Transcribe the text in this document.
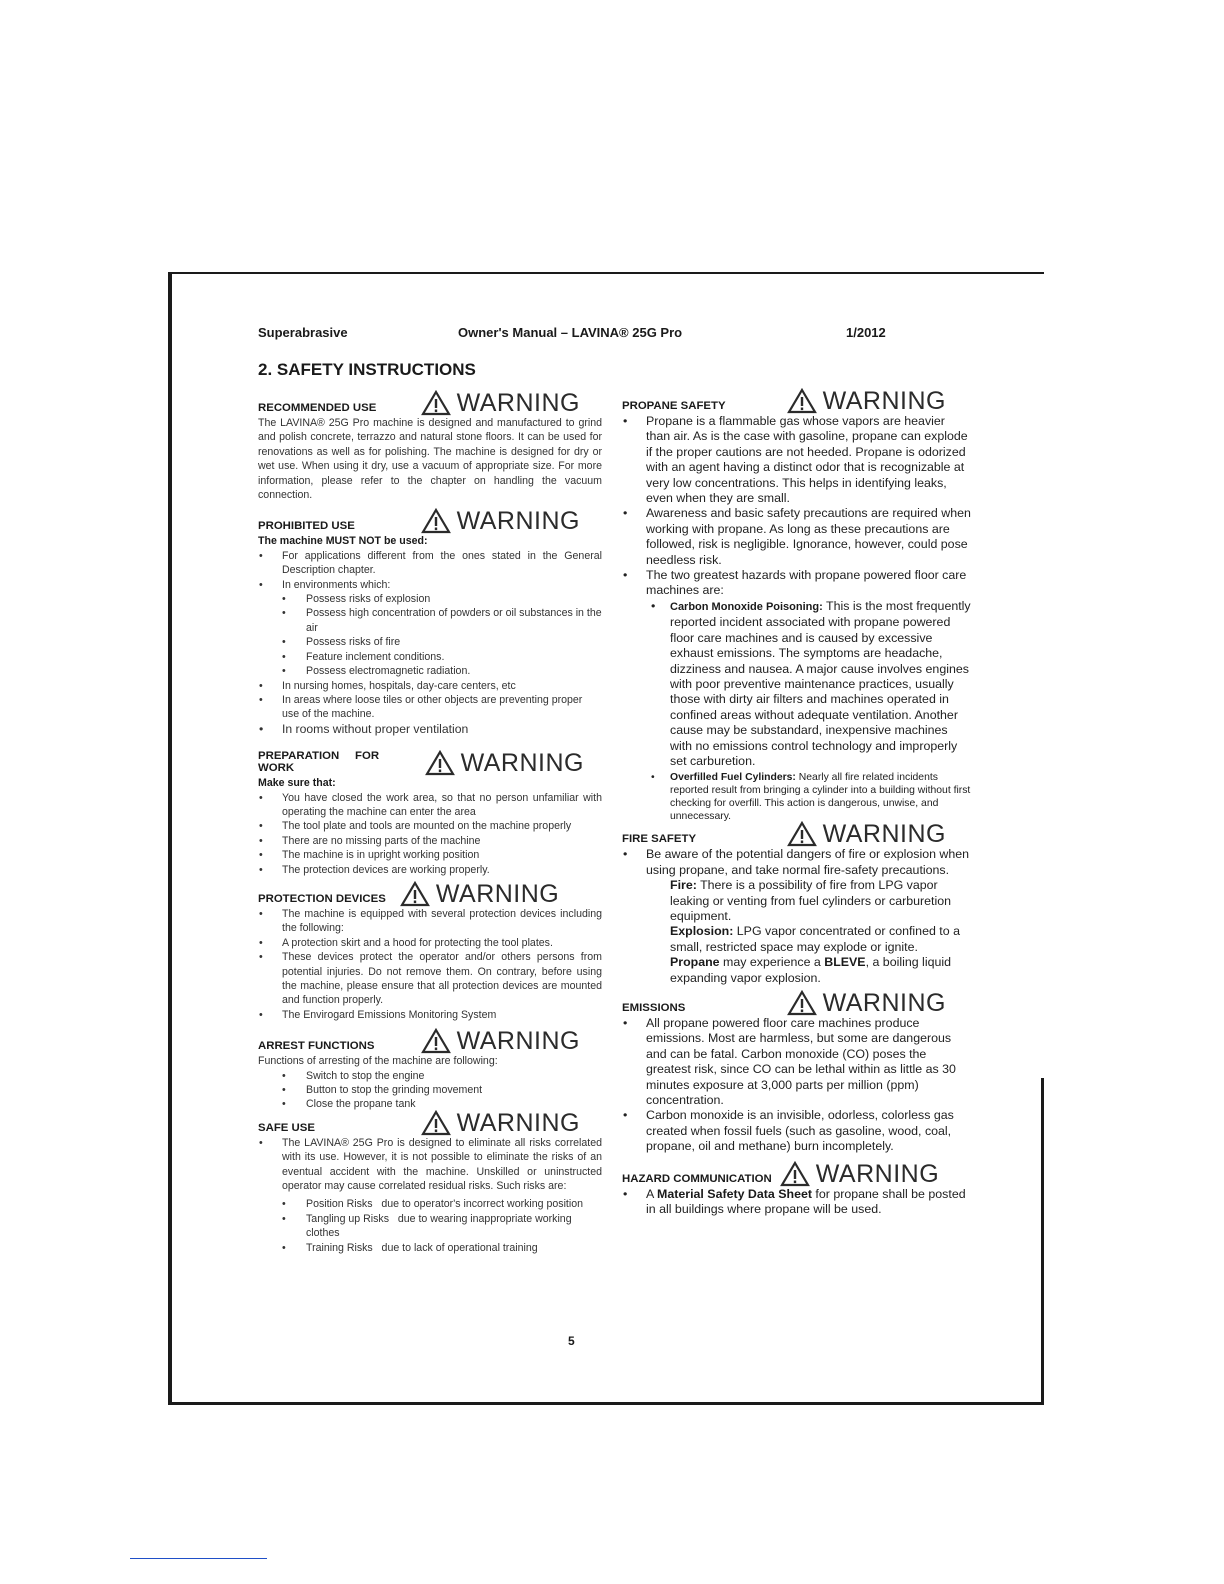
Superabrasive	Owner's Manual – LAVINA® 25G Pro	1/2012
2. SAFETY INSTRUCTIONS
RECOMMENDED USE	WARNING

The LAVINA® 25G Pro machine is designed and manufactured to grind and polish concrete, terrazzo and natural stone floors. It can be used for renovations as well as for polishing. The machine is designed for dry or wet use. When using it dry, use a vacuum of appropriate size. For more information, please refer to the chapter on handling the vacuum connection.

PROHIBITED USE	WARNING

The machine MUST NOT be used:

• For applications different from the ones stated in the General Description chapter.
• In environments which:
• Possess risks of explosion
• Possess high concentration of powders or oil substances in the air
• Possess risks of fire
• Feature inclement conditions.
• Possess electromagnetic radiation.
• In nursing homes, hospitals, day-care centers, etc
• In areas where loose tiles or other objects are preventing proper use of the machine.
• In rooms without proper ventilation
PREPARATION     FOR
WORK	WARNING

Make sure that:

• You have closed the work area, so that no person unfamiliar with operating the machine can enter the area
• The tool plate and tools are mounted on the machine properly
• There are no missing parts of the machine
• The machine is in upright working position
• The protection devices are working properly.
PROTECTION DEVICES WARNING
• The machine is equipped with several protection devices including the following:
• A protection skirt and a hood for protecting the tool plates.
• These devices protect the operator and/or others persons from potential injuries. Do not remove them. On contrary, before using the machine, please ensure that all protection devices are mounted and function properly.
• The Envirogard Emissions Monitoring System
ARREST FUNCTIONS	WARNING

Functions of arresting of the machine are following:

• Switch to stop the engine
• Button to stop the grinding movement
• Close the propane tank
SAFE USE	WARNING
• The LAVINA® 25G Pro is designed to eliminate all risks correlated with its use. However, it is not possible to eliminate the risks of an eventual accident with the machine. Unskilled or uninstructed operator may cause correlated residual risks. Such risks are:
• Position Risks   due to operator's incorrect working position
• Tangling up Risks   due to wearing inappropriate working clothes
• Training Risks   due to lack of operational training
PROPANE SAFETY	WARNING
• Propane is a flammable gas whose vapors are heavier than air. As is the case with gasoline, propane can explode if the proper cautions are not heeded. Propane is odorized with an agent having a distinct odor that is recognizable at very low concentrations. This helps in identifying leaks, even when they are small.
• Awareness and basic safety precautions are required when working with propane. As long as these precautions are followed, risk is negligible. Ignorance, however, could pose needless risk.
• The two greatest hazards with propane powered floor care machines are:
• Carbon Monoxide Poisoning: This is the most frequently reported incident associated with propane powered floor care machines and is caused by excessive exhaust emissions. The symptoms are headache, dizziness and nausea. A major cause involves engines with poor preventive maintenance practices, usually those with dirty air filters and machines operated in confined areas without adequate ventilation. Another cause may be substandard, inexpensive machines with no emissions control technology and improperly set carburetion.
• Overfilled Fuel Cylinders: Nearly all fire related incidents reported result from bringing a cylinder into a building without first checking for overfill. This action is dangerous, unwise, and unnecessary.
FIRE SAFETY	WARNING
• Be aware of the potential dangers of fire or explosion when using propane, and take normal fire-safety precautions.

Fire: There is a possibility of fire from LPG vapor leaking or venting from fuel cylinders or carburetion equipment.

Explosion: LPG vapor concentrated or confined to a small, restricted space may explode or ignite.

Propane may experience a BLEVE, a boiling liquid expanding vapor explosion.

EMISSIONS	WARNING
• All propane powered floor care machines produce emissions. Most are harmless, but some are dangerous and can be fatal. Carbon monoxide (CO) poses the greatest risk, since CO can be lethal within as little as 30 minutes exposure at 3,000 parts per million (ppm) concentration.
• Carbon monoxide is an invisible, odorless, colorless gas created when fossil fuels (such as gasoline, wood, coal, propane, oil and methane) burn incompletely.
HAZARD COMMUNICATION WARNING
• A Material Safety Data Sheet for propane shall be posted in all buildings where propane will be used.
5
